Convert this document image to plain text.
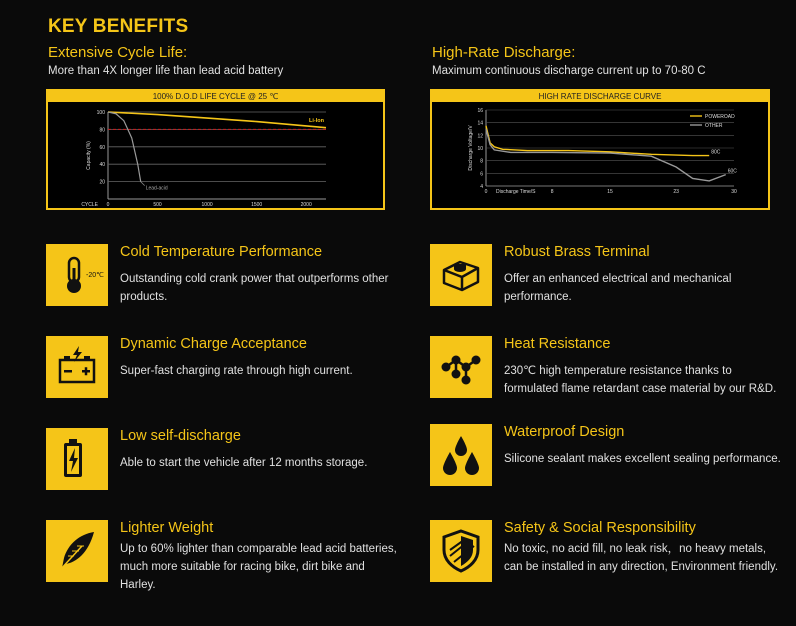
KEY BENEFITS

Extensive Cycle Life:

More than 4X longer life than lead acid battery

High-Rate Discharge:

Maximum continuous discharge current up to 70-80 C

100% D.O.D LIFE CYCLE @ 25 ℃
100
80
60
40
20
0	500	1000	1500	2000
CYCLE
Capacity (%)
Li-Ion
Lead-acid
HIGH RATE DISCHARGE CURVE
16
14
12
10
8
6
4
0	8	15	23	30
Discharge Time/S
Discharge Voltage/V	80C
POWEROAD
60C
OTHER
-20℃
Cold Temperature Performance
Outstanding cold crank power that outperforms other products.
Robust Brass Terminal
Offer an enhanced electrical and mechanical performance.
Dynamic Charge Acceptance
Super-fast charging rate through high current.
Heat Resistance
230℃ high temperature resistance thanks to formulated flame retardant case material by our R&D.
Low self-discharge
Able to start the vehicle after 12 months storage.
Waterproof Design
Silicone sealant makes excellent sealing performance.
Lighter Weight
Up to 60% lighter than comparable lead acid batteries, much more suitable for racing bike, dirt bike and Harley.
Safety & Social Responsibility
No toxic, no acid fill, no leak risk，no heavy metals, can be installed in any direction, Environment friendly.
